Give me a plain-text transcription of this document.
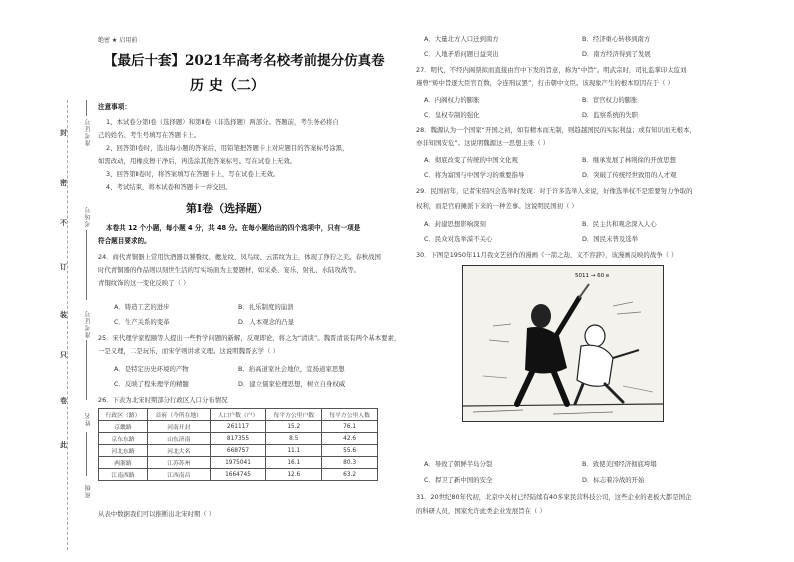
封
密
不
订
装
只
卷
此
准考证号
考场号
准考证号
姓名
班级
绝密 ★ 启用前
【最后十套】2021年高考名校考前提分仿真卷
历 史（二）
注意事项：
1、本试卷分第Ⅰ卷（选择题）和第Ⅱ卷（非选择题）两部分。答题前，考生务必将自
己的姓名、考生号填写在答题卡上。
2、回答第Ⅰ卷时，选出每小题的答案后，用铅笔把答题卡上对应题目的答案标号涂黑，
如需改动，用橡皮擦干净后，再选涂其他答案标号。写在试卷上无效。
3、回答第Ⅱ卷时，将答案填写在答题卡上，写在试卷上无效。
4、考试结束，将本试卷和答题卡一并交回。
第Ⅰ卷（选择题）
本卷共 12 个小题，每小题 4 分，共 48 分。在每小题给出的四个选项中，只有一项是
符合题目要求的。
24．商代青铜器上常用饮酒器以饕餮纹、夔龙纹、凤鸟纹、云雷纹为主，体现了狰狞之美。春秋战国
时代青铜器的作品则以刻世生活的写实场面为主要题材，如采桑、宴乐、射礼、水陆攻战等。
青铜纹饰的这一变化反映了（ ）
A．铸造工艺的进步	B．礼乐制度的崩溃
C．生产关系的变革	D．人本观念的凸显
25．宋代理学家程颐等人提出一些哲学问题的新解，反观即论，将之为“清谈”。魏晋清谈有两个基本要素，
一是义理，二是玩乐，而宋学则讲求义理。这说明魏晋玄学（ ）
A．是特定历史环境的产物	B．抬高道家社会地位，宣扬道家思想
C．反映了程朱理学的精髓	D．建立儒家伦理思想，树立自身权威
26．下表为北宋时期部分行政区人口分布情况
行政区（路）	首府（今所在地）	人口户数（户）	每平方公里户数	每平方公里人数
京畿路	河南开封	261117	15.2	76.1
京东东路	山东济南	817355	8.5	42.6
河北东路	河北大名	668757	11.1	55.6
两浙路	江苏苏州	1975041	16.1	80.3
江南西路	江西南昌	1664745	12.6	63.2
从表中数据我们可以推断出北宋时期（ ）
A．大量北方人口迁到南方	B．经济重心转移到南方
C．人地矛盾问题日益突出	D．南方经济得到了发展
27．明代，不经内阁票拟而直接由宫中下发的旨意，称为“中旨”。明武宗时，司礼监掌印太监刘
瑾曾“矫中旨逐大臣官百数，令连刑议罢”，打击朝中文臣。该现象产生的根本原因在于（ ）
A．内阁权力的膨胀	B．宦官权力的膨胀
C．皇权专制的强化	D．监察系统的失职
28．魏源认为一个国家“开国之初，如有精本而无制，则趋越国民的实际利益；或有知识而无根本，
亦非知国安危”。这说明魏源这一思想主张（ ）
A．彻底改变了传统的中国文化观	B．继承发展了林则徐的开放思想
C．将为富国与中国学习的重要指导	D．突破了传统经世致用的人才观
29．民国初年，记者宋绍四会选举时发现：对于许多选举人来说，好像选举权不是需要努力争取的
权利，而是官府摊派下来的一种差事。这说明民国初（ ）
A．封建思想影响深刻	B．民主共和观念深入人心
C．民众对选举漠不关心	D．国民未普及选举
30．下图是1950年11月我文艺创作的漫画《一箭之劫，义不容辞》，该漫画反映的战争（ ）
5011 → 60 e
A．导致了朝鲜半岛分裂	B．致使美国经济彻底垮塌
C．捍卫了新中国的安全	D．标志着冷战的开始
31．20世纪80年代初，北京中关村已经陆续有40多家民营科技公司，这些企业的老板大都是国企
的科研人员，国家允许此类企业发展旨在（ ）
